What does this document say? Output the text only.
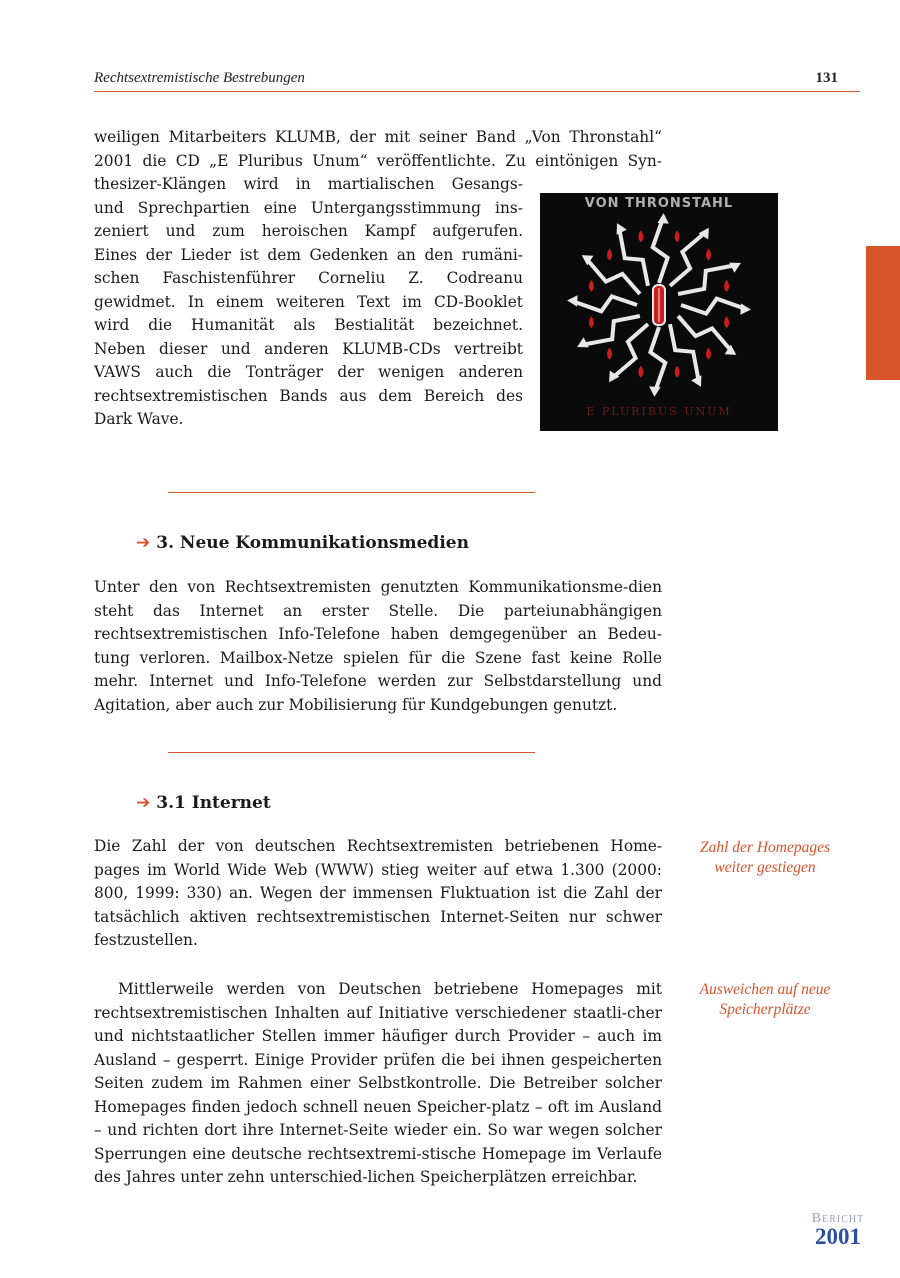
Rechtsextremistische Bestrebungen	131
weiligen Mitarbeiters KLUMB, der mit seiner Band „Von Thronstahl“
2001 die CD „E Pluribus Unum“ veröffentlichte. Zu eintönigen Syn-
thesizer-Klängen wird in martialischen Gesangs-
und Sprechpartien eine Untergangsstimmung ins-
zeniert und zum heroischen Kampf aufgerufen.
Eines der Lieder ist dem Gedenken an den rumäni-
schen Faschistenführer Corneliu Z. Codreanu
gewidmet. In einem weiteren Text im CD-Booklet
wird die Humanität als Bestialität bezeichnet.
Neben dieser und anderen KLUMB-CDs vertreibt
VAWS auch die Tonträger der wenigen anderen
rechtsextremistischen Bands aus dem Bereich des
Dark Wave.
VON THRONSTAHL
E PLURIBUS UNUM
➔ 3. Neue Kommunikationsmedien

Unter den von Rechtsextremisten genutzten Kommunikationsme-dien steht das Internet an erster Stelle. Die parteiunabhängigen rechtsextremistischen Info-Telefone haben demgegenüber an Bedeu-tung verloren. Mailbox-Netze spielen für die Szene fast keine Rolle mehr. Internet und Info-Telefone werden zur Selbstdarstellung und Agitation, aber auch zur Mobilisierung für Kundgebungen genutzt.

➔ 3.1 Internet

Die Zahl der von deutschen Rechtsextremisten betriebenen Home-pages im World Wide Web (WWW) stieg weiter auf etwa 1.300 (2000: 800, 1999: 330) an. Wegen der immensen Fluktuation ist die Zahl der tatsächlich aktiven rechtsextremistischen Internet-Seiten nur schwer festzustellen.

Zahl der Homepages weiter gestiegen

Mittlerweile werden von Deutschen betriebene Homepages mit rechtsextremistischen Inhalten auf Initiative verschiedener staatli-cher und nichtstaatlicher Stellen immer häufiger durch Provider – auch im Ausland – gesperrt. Einige Provider prüfen die bei ihnen gespeicherten Seiten zudem im Rahmen einer Selbstkontrolle. Die Betreiber solcher Homepages finden jedoch schnell neuen Speicher-platz – oft im Ausland – und richten dort ihre Internet-Seite wieder ein. So war wegen solcher Sperrungen eine deutsche rechtsextremi-stische Homepage im Verlaufe des Jahres unter zehn unterschied-lichen Speicherplätzen erreichbar.

Ausweichen auf neue Speicherplätze
Bericht
2001
